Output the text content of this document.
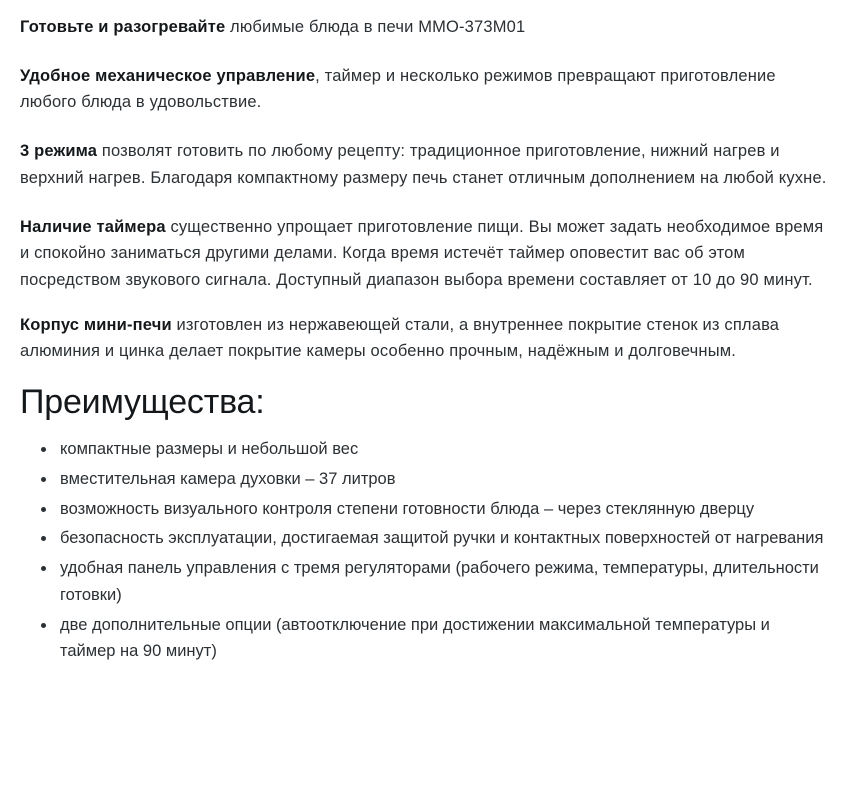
Готовьте и разогревайте любимые блюда в печи MMO-373M01

Удобное механическое управление, таймер и несколько режимов превращают приготовление любого блюда в удовольствие.

3 режима позволят готовить по любому рецепту: традиционное приготовление, нижний нагрев и верхний нагрев. Благодаря компактному размеру печь станет отличным дополнением на любой кухне.

Наличие таймера существенно упрощает приготовление пищи. Вы может задать необходимое время и спокойно заниматься другими делами. Когда время истечёт таймер оповестит вас об этом посредством звукового сигнала. Доступный диапазон выбора времени составляет от 10 до 90 минут.

Корпус мини-печи изготовлен из нержавеющей стали, а внутреннее покрытие стенок из сплава алюминия и цинка делает покрытие камеры особенно прочным, надёжным и долговечным.

Преимущества:
компактные размеры и небольшой вес
вместительная камера духовки – 37 литров
возможность визуального контроля степени готовности блюда – через стеклянную дверцу
безопасность эксплуатации, достигаемая защитой ручки и контактных поверхностей от нагревания
удобная панель управления с тремя регуляторами (рабочего режима, температуры, длительности готовки)
две дополнительные опции (автоотключение при достижении максимальной температуры и таймер на 90 минут)
